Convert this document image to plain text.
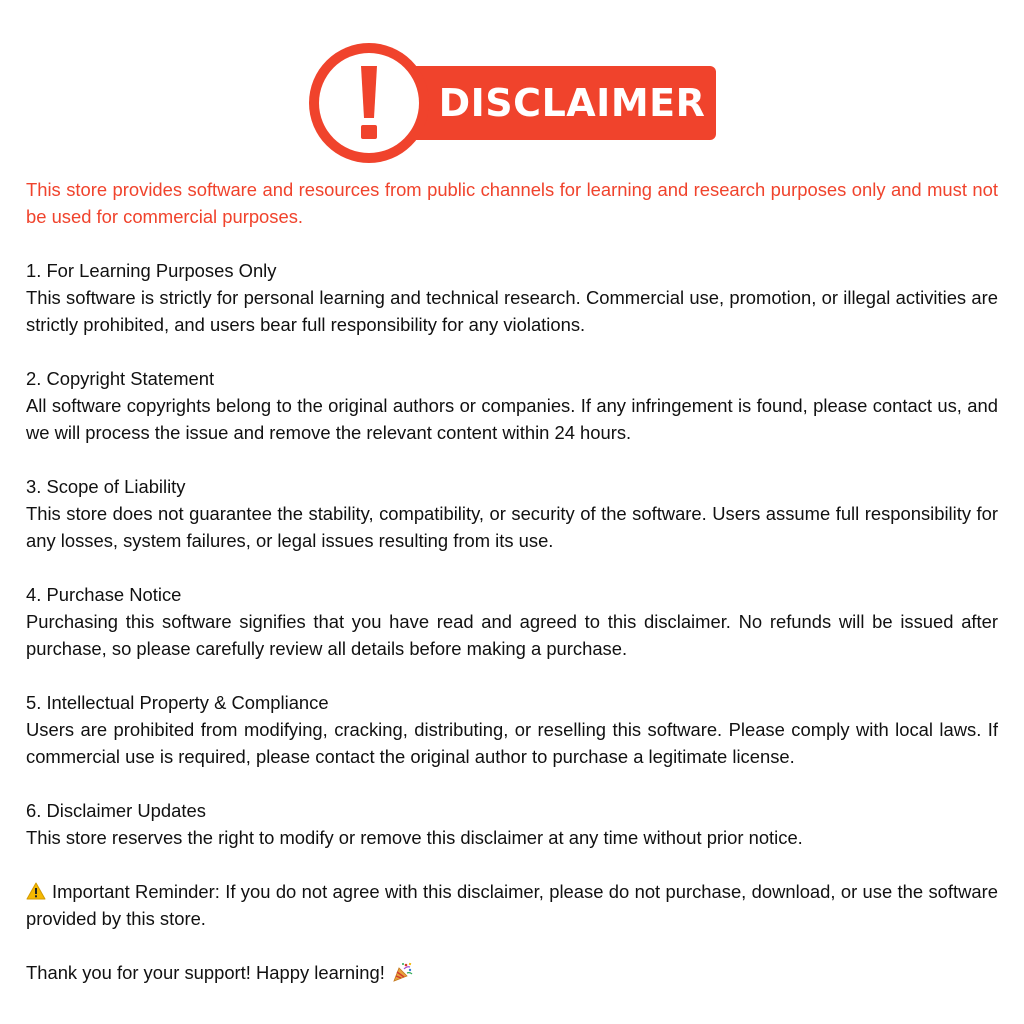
DISCLAIMER

This store provides software and resources from public channels for learning and research purposes only and must not be used for commercial purposes.

1. For Learning Purposes Only
This software is strictly for personal learning and technical research. Commercial use, promotion, or illegal activities are strictly prohibited, and users bear full responsibility for any violations.
2. Copyright Statement
All software copyrights belong to the original authors or companies. If any infringement is found, please contact us, and we will process the issue and remove the relevant content within 24 hours.
3. Scope of Liability
This store does not guarantee the stability, compatibility, or security of the software. Users assume full responsibility for any losses, system failures, or legal issues resulting from its use.
4. Purchase Notice
Purchasing this software signifies that you have read and agreed to this disclaimer. No refunds will be issued after purchase, so please carefully review all details before making a purchase.
5. Intellectual Property & Compliance
Users are prohibited from modifying, cracking, distributing, or reselling this software. Please comply with local laws. If commercial use is required, please contact the original author to purchase a legitimate license.
6. Disclaimer Updates
This store reserves the right to modify or remove this disclaimer at any time without prior notice.

Important Reminder: If you do not agree with this disclaimer, please do not purchase, download, or use the software provided by this store.

Thank you for your support! Happy learning!
